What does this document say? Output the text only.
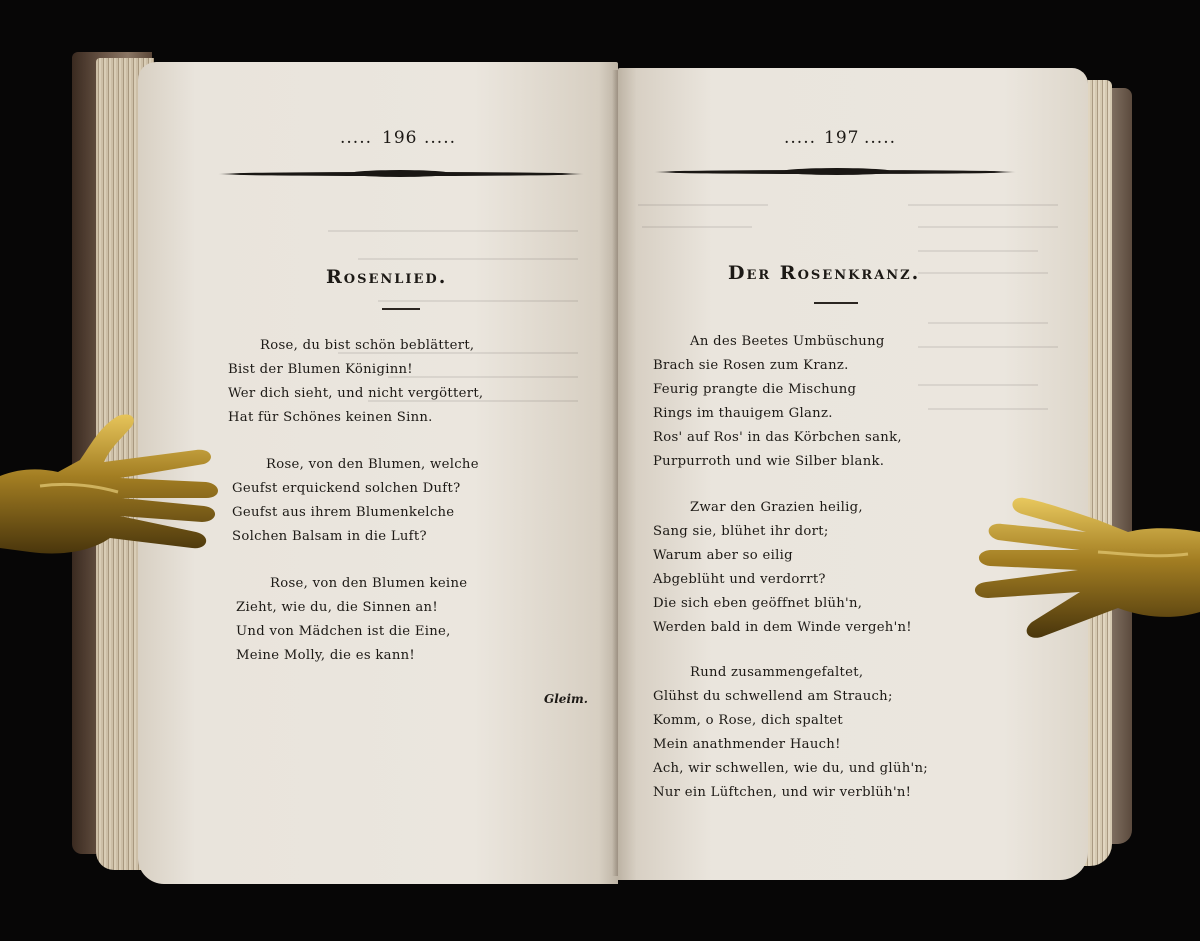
..... 196 .....
Rosenlied.
Rose, du bist schön beblättert,
Bist der Blumen Königinn!
Wer dich sieht, und nicht vergöttert,
Hat für Schönes keinen Sinn.
Rose, von den Blumen, welche
Geufst erquickend solchen Duft?
Geufst aus ihrem Blumenkelche
Solchen Balsam in die Luft?
Rose, von den Blumen keine
Zieht, wie du, die Sinnen an!
Und von Mädchen ist die Eine,
Meine Molly, die es kann!
Gleim.
..... 197 .....
Der Rosenkranz.
An des Beetes Umbüschung
Brach sie Rosen zum Kranz.
Feurig prangte die Mischung
Rings im thauigem Glanz.
Ros' auf Ros' in das Körbchen sank,
Purpurroth und wie Silber blank.
Zwar den Grazien heilig,
Sang sie, blühet ihr dort;
Warum aber so eilig
Abgeblüht und verdorrt?
Die sich eben geöffnet blüh'n,
Werden bald in dem Winde vergeh'n!
Rund zusammengefaltet,
Glühst du schwellend am Strauch;
Komm, o Rose, dich spaltet
Mein anathmender Hauch!
Ach, wir schwellen, wie du, und glüh'n;
Nur ein Lüftchen, und wir verblüh'n!
